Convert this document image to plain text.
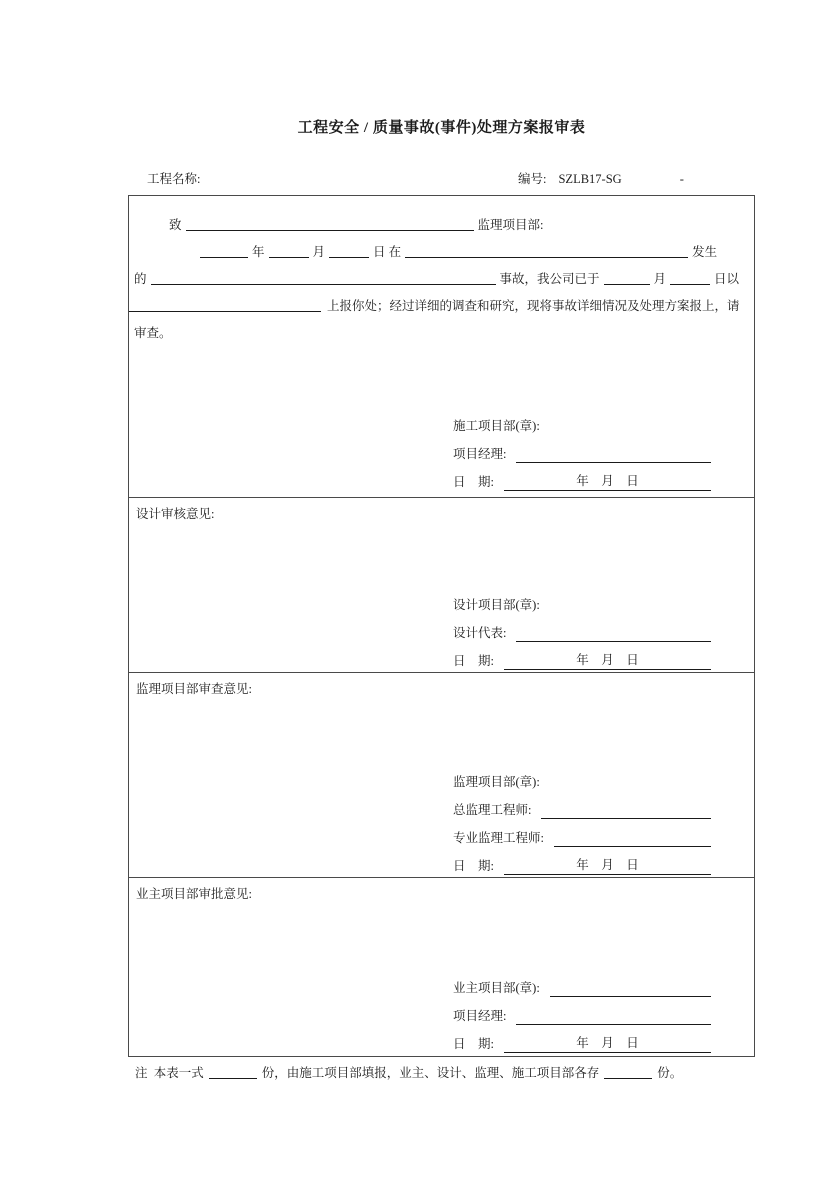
工程安全 / 质量事故(事件)处理方案报审表
工程名称:	编号: SZLB17-SG	-
致	监理项目部:
年	月	日 在	发生
的	事故，我公司已于	月	日以
上报你处；经过详细的调查和研究，现将事故详细情况及处理方案报上，请
审查。
施工项目部(章):
项目经理:
日　期:	年　月　日
设计审核意见:
设计项目部(章):
设计代表:
日　期:	年　月　日
监理项目部审查意见:
监理项目部(章):
总监理工程师:
专业监理工程师:
日　期:	年　月　日
业主项目部审批意见:
业主项目部(章):
项目经理:
日　期:	年　月　日

注  本表一式	份，由施工项目部填报，业主、设计、监理、施工项目部各存	份。
